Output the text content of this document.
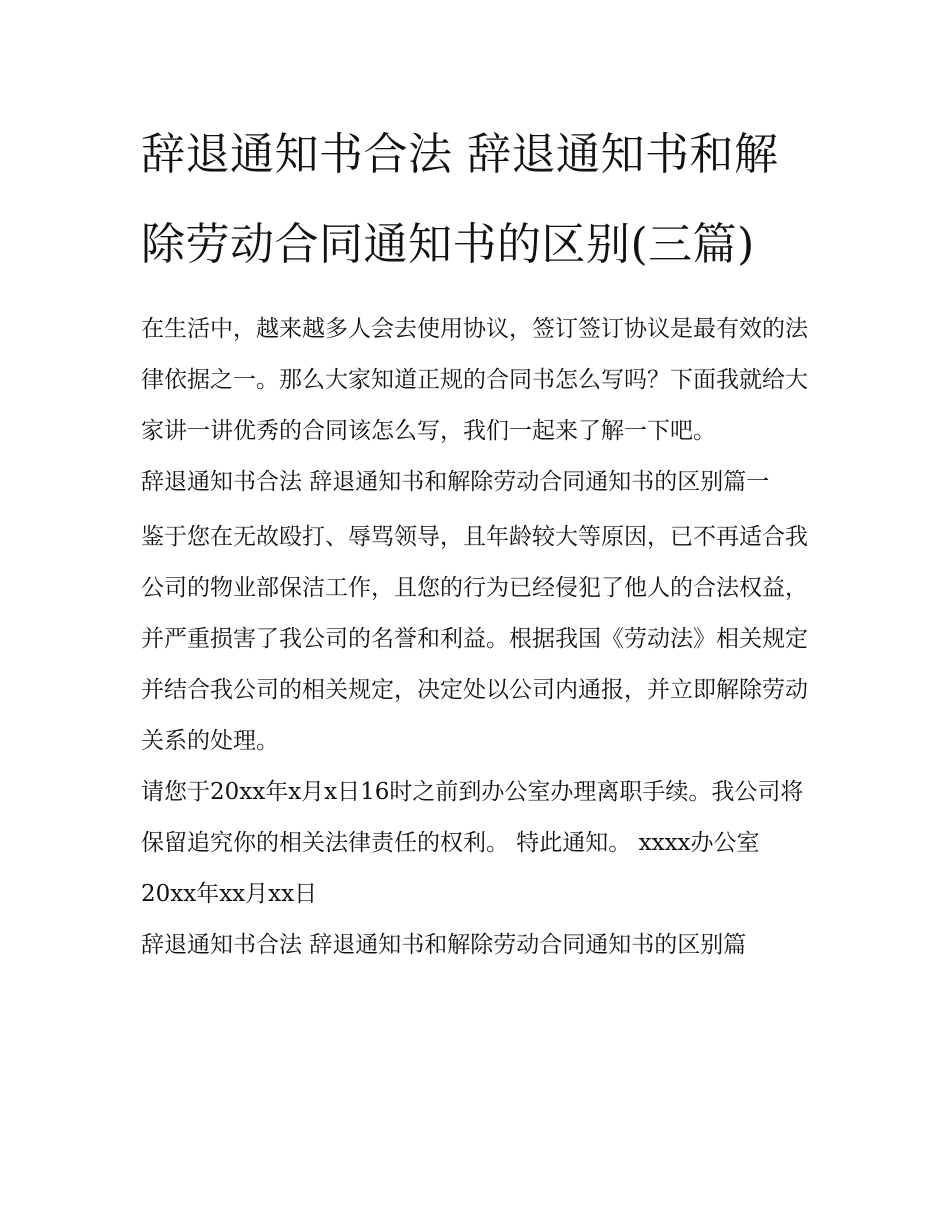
辞退通知书合法 辞退通知书和解除劳动合同通知书的区别(三篇)

在生活中，越来越多人会去使用协议，签订签订协议是最有效的法律依据之一。那么大家知道正规的合同书怎么写吗？下面我就给大家讲一讲优秀的合同该怎么写，我们一起来了解一下吧。

辞退通知书合法 辞退通知书和解除劳动合同通知书的区别篇一

鉴于您在无故殴打、辱骂领导，且年龄较大等原因，已不再适合我公司的物业部保洁工作，且您的行为已经侵犯了他人的合法权益，并严重损害了我公司的名誉和利益。根据我国《劳动法》相关规定并结合我公司的相关规定，决定处以公司内通报，并立即解除劳动关系的处理。

请您于20xx年x月x日16时之前到办公室办理离职手续。我公司将保留追究你的相关法律责任的权利。 特此通知。 xxxx办公室 20xx年xx月xx日

辞退通知书合法 辞退通知书和解除劳动合同通知书的区别篇
